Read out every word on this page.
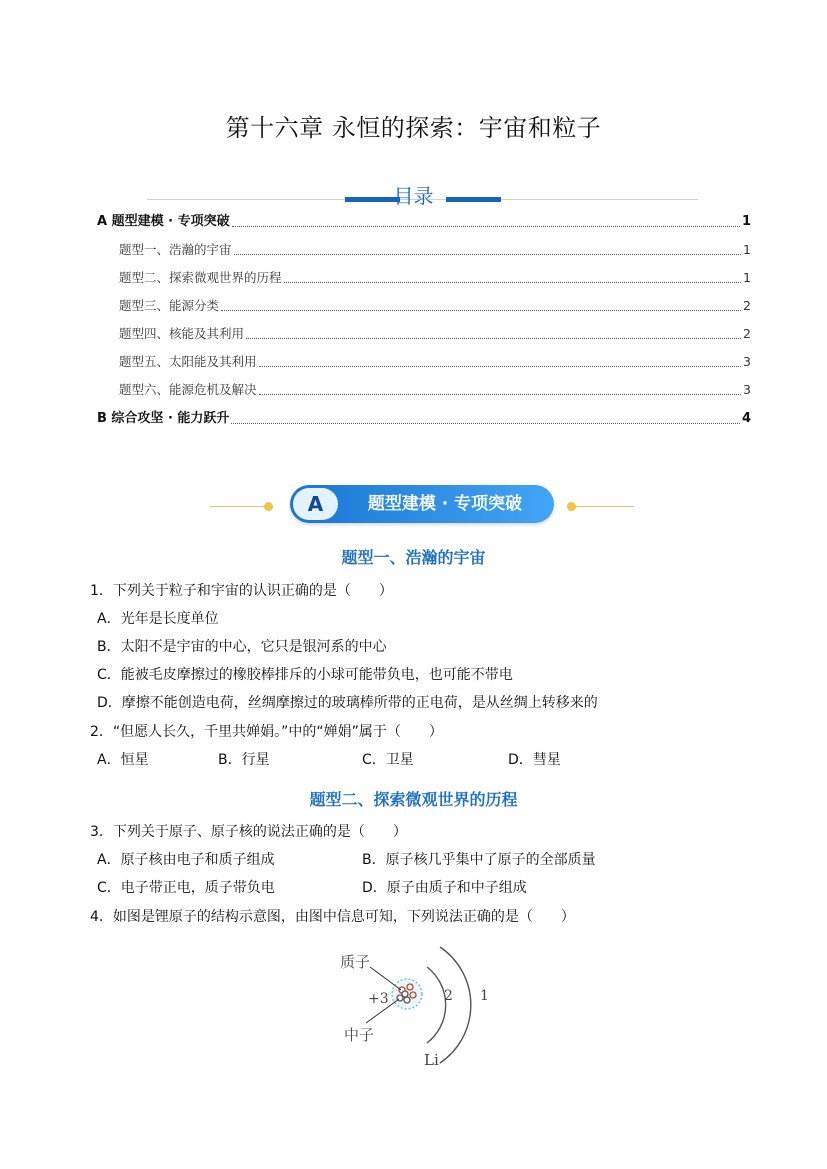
第十六章 永恒的探索：宇宙和粒子
目录
A 题型建模 · 专项突破	1
题型一、浩瀚的宇宙	1
题型二、探索微观世界的历程	1
题型三、能源分类	2
题型四、核能及其利用	2
题型五、太阳能及其利用	3
题型六、能源危机及解决	3
B 综合攻坚 · 能力跃升	4
A	题型建模 · 专项突破
题型一、浩瀚的宇宙
1．下列关于粒子和宇宙的认识正确的是（　　）
A．光年是长度单位
B．太阳不是宇宙的中心，它只是银河系的中心
C．能被毛皮摩擦过的橡胶棒排斥的小球可能带负电，也可能不带电
D．摩擦不能创造电荷，丝绸摩擦过的玻璃棒所带的正电荷，是从丝绸上转移来的
2．“但愿人长久，千里共婵娟。”中的“婵娟”属于（　　）
A．恒星	B．行星	C．卫星	D．彗星
题型二、探索微观世界的历程
3．下列关于原子、原子核的说法正确的是（　　）
A．原子核由电子和质子组成	B．原子核几乎集中了原子的全部质量
C．电子带正电，质子带负电	D．原子由质子和中子组成
4．如图是锂原子的结构示意图，由图中信息可知，下列说法正确的是（　　）
质子
中子
+3	2 1
Li
